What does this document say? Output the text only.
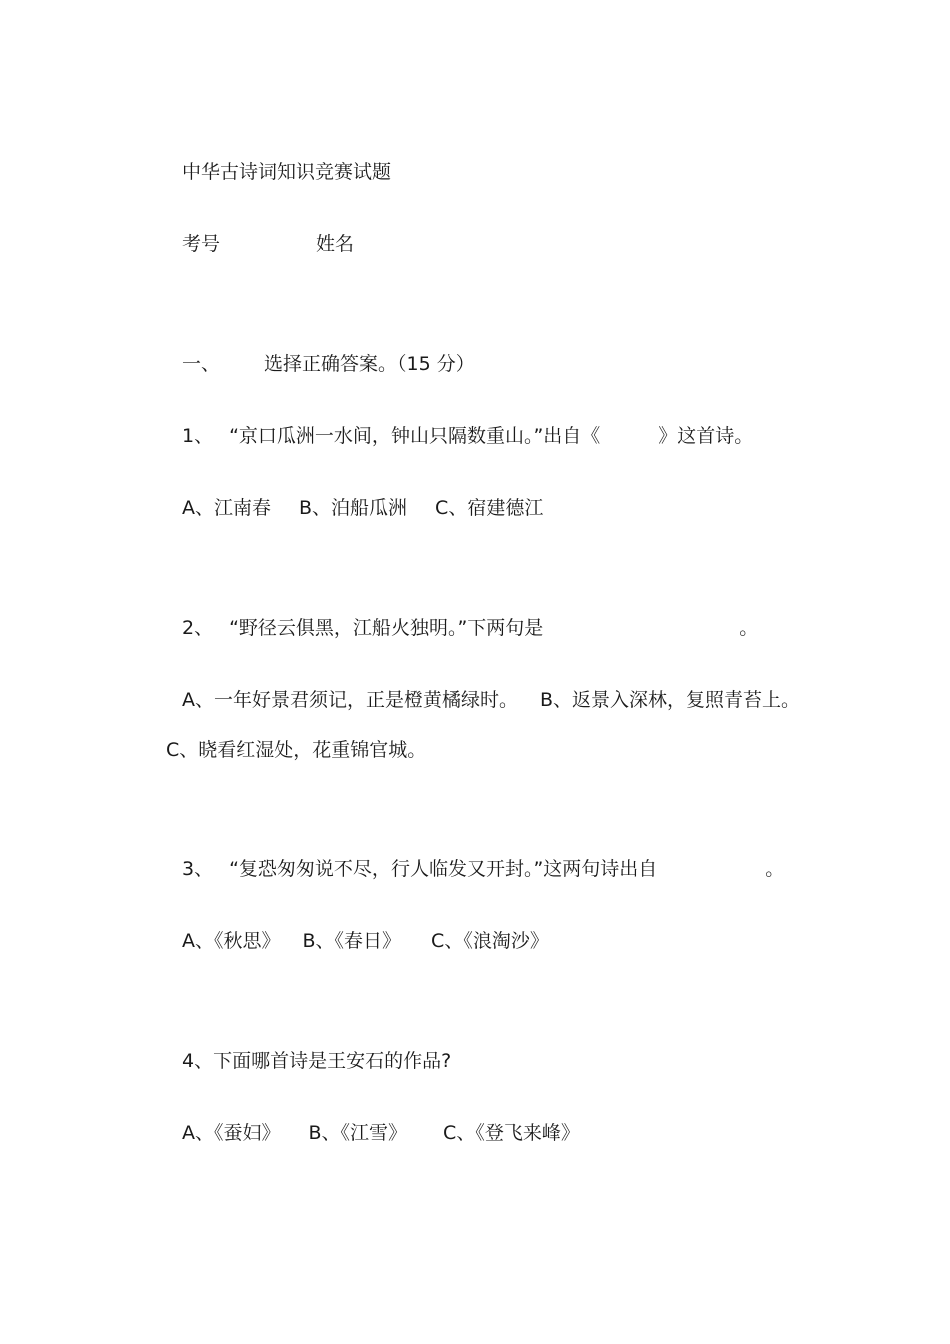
中华古诗词知识竞赛试题

考号	姓名

一、 选择正确答案。（15 分）

1、 “京口瓜洲一水间，钟山只隔数重山。”出自《	》这首诗。

A、江南春 B、泊船瓜洲 C、宿建德江

2、 “野径云俱黑，江船火独明。”下两句是	。

A、一年好景君须记，正是橙黄橘绿时。 B、返景入深林，复照青苔上。

C、晓看红湿处，花重锦官城。

3、 “复恐匆匆说不尽，行人临发又开封。”这两句诗出自	。

A、《秋思》 B、《春日》 C、《浪淘沙》

4、下面哪首诗是王安石的作品?

A、《蚕妇》 B、《江雪》 C、《登飞来峰》
